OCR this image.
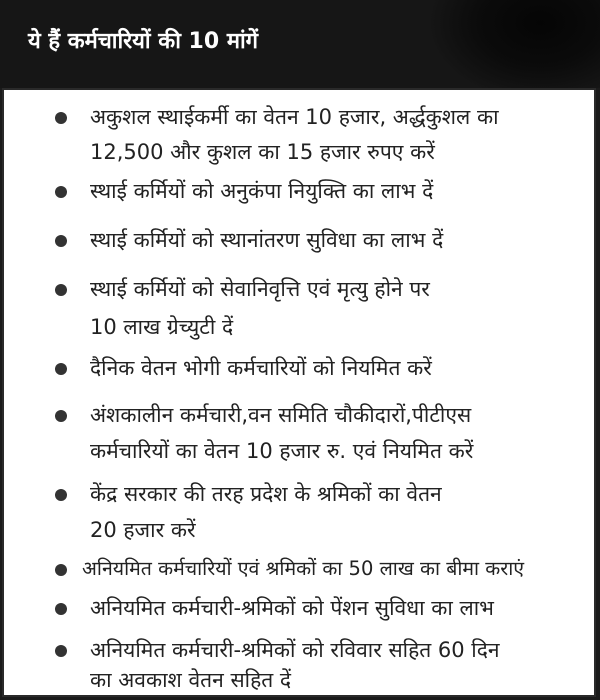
ये हैं कर्मचारियों की 10 मांगें
अकुशल स्थाईकर्मी का वेतन 10 हजार, अर्द्धकुशल का
12,500 और कुशल का 15 हजार रुपए करें
स्थाई कर्मियों को अनुकंपा नियुक्ति का लाभ दें
स्थाई कर्मियों को स्थानांतरण सुविधा का लाभ दें
स्थाई कर्मियों को सेवानिवृत्ति एवं मृत्यु होने पर
10 लाख ग्रेच्युटी दें
दैनिक वेतन भोगी कर्मचारियों को नियमित करें
अंशकालीन कर्मचारी,वन समिति चौकीदारों,पीटीएस
कर्मचारियों का वेतन 10 हजार रु. एवं नियमित करें
केंद्र सरकार की तरह प्रदेश के श्रमिकों का वेतन
20 हजार करें
अनियमित कर्मचारियों एवं श्रमिकों का 50 लाख का बीमा कराएं
अनियमित कर्मचारी-श्रमिकों को पेंशन सुविधा का लाभ
अनियमित कर्मचारी-श्रमिकों को रविवार सहित 60 दिन
का अवकाश वेतन सहित दें
